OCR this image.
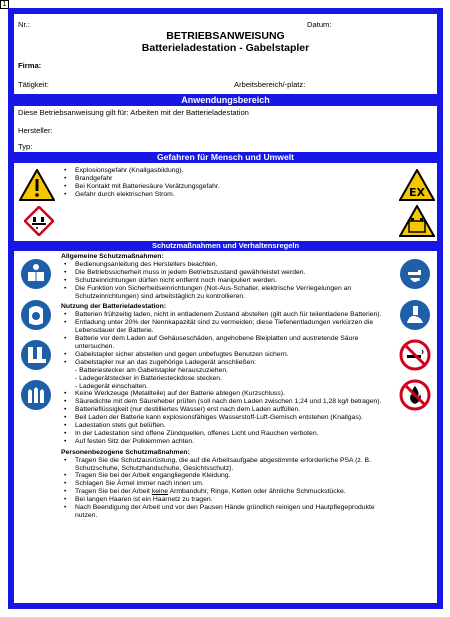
1
Nr.:	Datum:
BETRIEBSANWEISUNG
Batterieladestation - Gabelstapler
Firma:
Tätigkeit:	Arbeitsbereich/-platz:
Anwendungsbereich
Diese Betriebsanweisung gilt für: Arbeiten mit der Batterieladestation
Hersteller:
Typ:
Gefahren für Mensch und Umwelt
• Explosionsgefahr (Knallgasbildung).
• Brandgefahr
• Bei Kontakt mit Batteriesäure Verätzungsgefahr.
• Gefahr durch elektrischen Strom.	EX
Schutzmaßnahmen und Verhaltensregeln
Allgemeine Schutzmaßnahmen:
• Bedienungsanleitung des Herstellers beachten.
• Die Betriebssicherheit muss in jedem Betriebszustand gewährleistet werden.
• Schutzeinrichtungen dürfen nicht entfernt noch manipuliert werden.
• Die Funktion von Sicherheitseinrichtungen (Not-Aus-Schalter, elektrische Verriegelungen an Schutzeinrichtungen) sind arbeitstäglich zu kontrollieren.
Nutzung der Batterieladestation:
• Batterien frühzeitig laden, nicht in entladenem Zustand abstellen (gilt auch für teilentladene Batterien).
• Entladung unter 20% der Nennkapazität sind zu vermeiden; diese Tiefenentladungen verkürzen die Lebensdauer der Batterie.
• Batterie vor dem Laden auf Gehäuseschäden, angehobene Bleiplatten und austretende Säure untersuchen.
• Gabelstapler sicher abstellen und gegen unbefugtes Benutzen sichern.
• Gabelstapler nur an das zugehörige Ladegerät anschließen:
- Batteriestecker am Gabelstapler herauszuziehen.
- Ladegerätstecker in Batteriesteckdose stecken.
- Ladegerät einschalten.
• Keine Werkzeuge (Metallteile) auf der Batterie ablegen (Kurzschluss).
• Säuredichte mit dem Säureheber prüfen (soll nach dem Laden zwischen 1,24 und 1,28 kg/l betragen).
• Batterieflüssigkeit (nur destilliertes Wasser) erst nach dem Laden auffüllen.
• Beil Laden der Batterie kann explosionsfähiges Wasserstoff-Luft-Gemisch entstehen (Knallgas).
• Ladestation stets gut belüften.
• In der Ladestation sind offene Zündquellen, offenes Licht und Rauchen verboten.
• Auf festen Sitz der Polklemmen achten.
Personenbezogene Schutzmaßnahmen:
• Tragen Sie die Schutzausrüstung, die auf die Arbeitsaufgabe abgestimmte erforderliche PSA (z. B. Schutzschuhe, Schutzhandschuhe, Gesichtsschutz).
• Tragen Sie bei der Arbeit engangliegende Kleidung.
• Schlagen Sie Ärmel immer nach innen um.
• Tragen Sie bei der Arbeit keine Armbanduhr, Ringe, Ketten oder ähnliche Schmuckstücke.
• Bei langen Haaren ist ein Haarnetz zu tragen.
• Nach Beendigung der Arbeit und vor den Pausen Hände gründlich reinigen und Hautpflegeprodukte nutzen.
